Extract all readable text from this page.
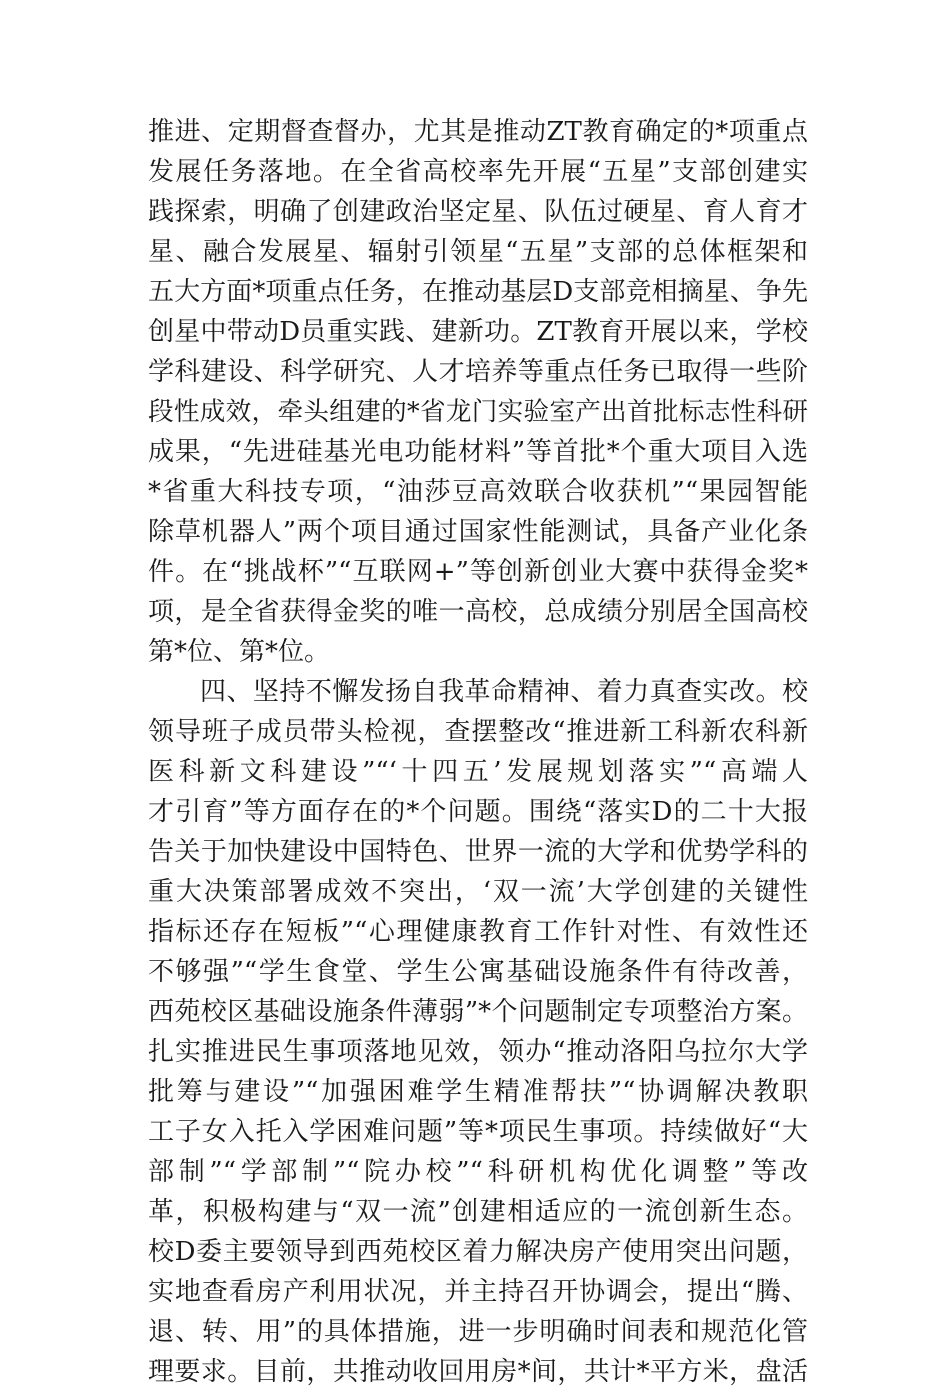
推进、定期督查督办，尤其是推动ZT教育确定的*项重点
发展任务落地。在全省高校率先开展“五星”支部创建实
践探索，明确了创建政治坚定星、队伍过硬星、育人育才
星、融合发展星、辐射引领星“五星”支部的总体框架和
五大方面*项重点任务，在推动基层D支部竞相摘星、争先
创星中带动D员重实践、建新功。ZT教育开展以来，学校
学科建设、科学研究、人才培养等重点任务已取得一些阶
段性成效，牵头组建的*省龙门实验室产出首批标志性科研
成果，“先进硅基光电功能材料”等首批*个重大项目入选
*省重大科技专项，“油莎豆高效联合收获机”“果园智能
除草机器人”两个项目通过国家性能测试，具备产业化条
件。在“挑战杯”“互联网+”等创新创业大赛中获得金奖*
项，是全省获得金奖的唯一高校，总成绩分别居全国高校
第*位、第*位。
四、坚持不懈发扬自我革命精神、着力真查实改。校
领导班子成员带头检视，查摆整改“推进新工科新农科新
医科新文科建设”“‘十四五’发展规划落实”“高端人
才引育”等方面存在的*个问题。围绕“落实D的二十大报
告关于加快建设中国特色、世界一流的大学和优势学科的
重大决策部署成效不突出，‘双一流’大学创建的关键性
指标还存在短板”“心理健康教育工作针对性、有效性还
不够强”“学生食堂、学生公寓基础设施条件有待改善，
西苑校区基础设施条件薄弱”*个问题制定专项整治方案。
扎实推进民生事项落地见效，领办“推动洛阳乌拉尔大学
批筹与建设”“加强困难学生精准帮扶”“协调解决教职
工子女入托入学困难问题”等*项民生事项。持续做好“大
部制”“学部制”“院办校”“科研机构优化调整”等改
革，积极构建与“双一流”创建相适应的一流创新生态。
校D委主要领导到西苑校区着力解决房产使用突出问题，
实地查看房产利用状况，并主持召开协调会，提出“腾、
退、转、用”的具体措施，进一步明确时间表和规范化管
理要求。目前，共推动收回用房*间，共计*平方米，盘活
